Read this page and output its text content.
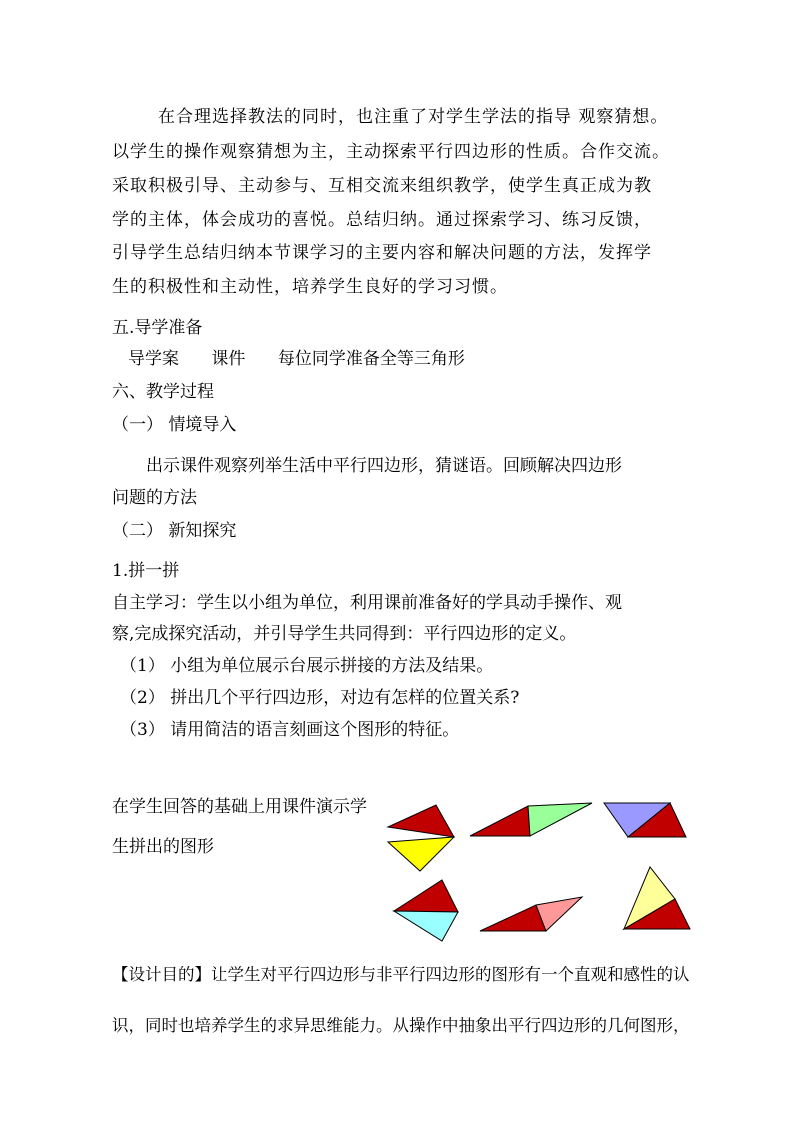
在合理选择教法的同时，也注重了对学生学法的指导 观察猜想。
以学生的操作观察猜想为主，主动探索平行四边形的性质。合作交流。
采取积极引导、主动参与、互相交流来组织教学，使学生真正成为教
学的主体，体会成功的喜悦。总结归纳。通过探索学习、练习反馈，
引导学生总结归纳本节课学习的主要内容和解决问题的方法，发挥学
生的积极性和主动性，培养学生良好的学习习惯。
五.导学准备
导学案      课件      每位同学准备全等三角形
六、教学过程
（一） 情境导入
出示课件观察列举生活中平行四边形，猜谜语。回顾解决四边形
问题的方法
（二） 新知探究
1.拼一拼
自主学习：学生以小组为单位，利用课前准备好的学具动手操作、观
察,完成探究活动，并引导学生共同得到：平行四边形的定义。
（1） 小组为单位展示台展示拼接的方法及结果。
（2） 拼出几个平行四边形，对边有怎样的位置关系?
（3） 请用简洁的语言刻画这个图形的特征。
在学生回答的基础上用课件演示学
生拼出的图形
【设计目的】让学生对平行四边形与非平行四边形的图形有一个直观和感性的认
识，同时也培养学生的求异思维能力。从操作中抽象出平行四边形的几何图形，
